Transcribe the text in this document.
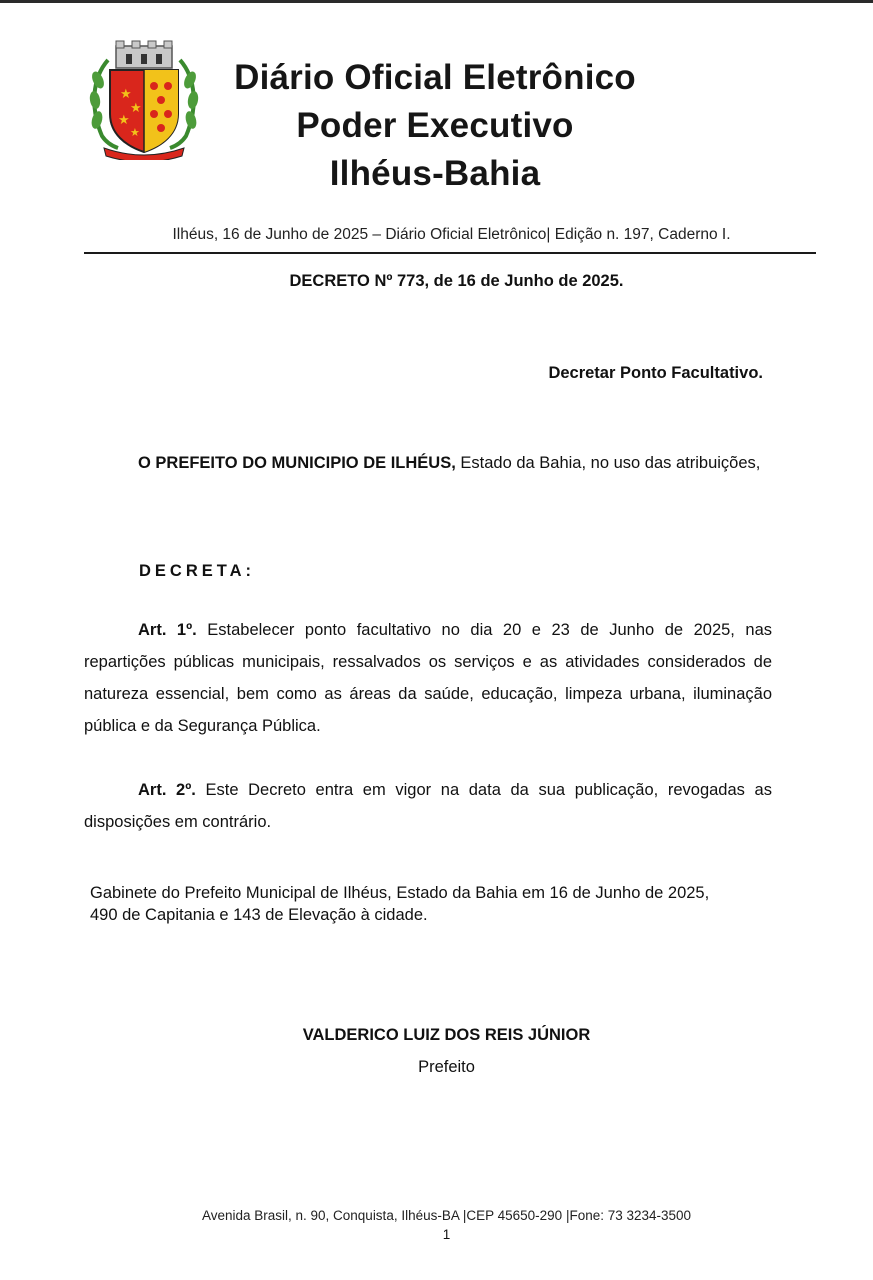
★
★
★
★
Diário Oficial Eletrônico
Poder Executivo
Ilhéus-Bahia
Ilhéus, 16 de Junho de 2025 – Diário Oficial Eletrônico| Edição n. 197, Caderno I.
DECRETO Nº 773, de 16 de Junho de 2025.
Decretar Ponto Facultativo.
O PREFEITO DO MUNICIPIO DE ILHÉUS, Estado da Bahia, no uso das atribuições,
DECRETA:
Art. 1º. Estabelecer ponto facultativo no dia 20 e 23 de Junho de 2025, nas repartições públicas municipais, ressalvados os serviços e as atividades considerados de natureza essencial, bem como as áreas da saúde, educação, limpeza urbana, iluminação pública e da Segurança Pública.
Art. 2º. Este Decreto entra em vigor na data da sua publicação, revogadas as disposições em contrário.
Gabinete do Prefeito Municipal de Ilhéus, Estado da Bahia em 16 de Junho de 2025,
490 de Capitania e 143 de Elevação à cidade.
VALDERICO LUIZ DOS REIS JÚNIOR
Prefeito
Avenida Brasil, n. 90, Conquista, Ilhéus-BA |CEP 45650-290 |Fone: 73 3234-3500
1
